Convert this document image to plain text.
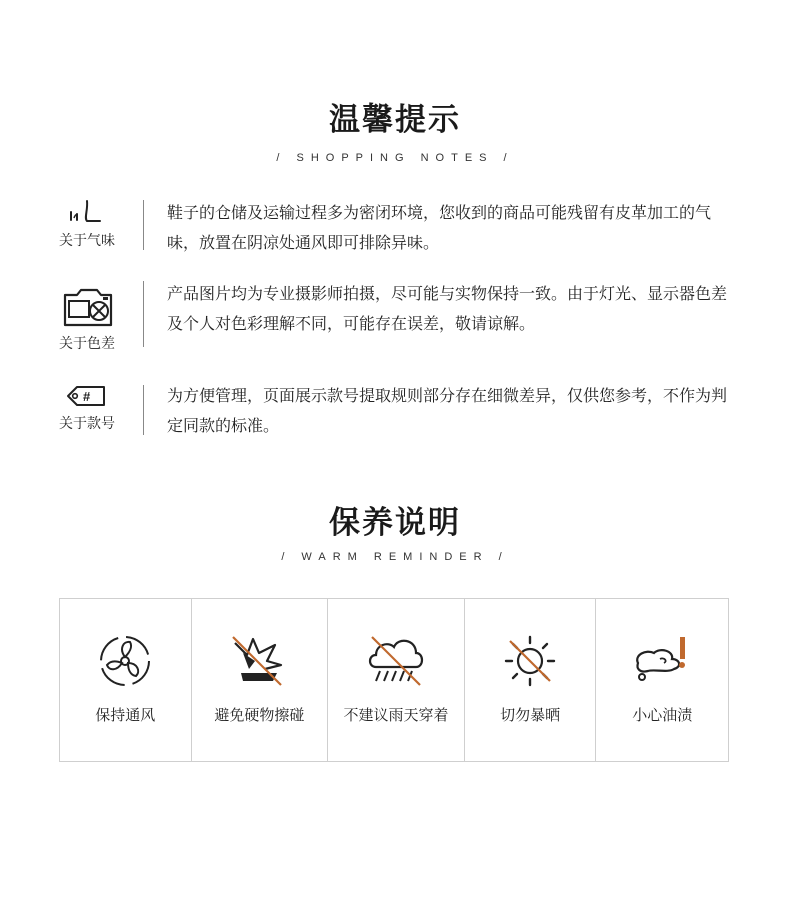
温馨提示
/ SHOPPING NOTES /
关于气味
鞋子的仓储及运输过程多为密闭环境，您收到的商品可能残留有皮革加工的气味，放置在阴凉处通风即可排除异味。
关于色差
产品图片均为专业摄影师拍摄，尽可能与实物保持一致。由于灯光、显示器色差及个人对色彩理解不同，可能存在误差，敬请谅解。
#
关于款号
为方便管理，页面展示款号提取规则部分存在细微差异，仅供您参考，不作为判定同款的标准。
保养说明
/ WARM REMINDER /
保持通风	避免硬物擦碰	不建议雨天穿着	切勿暴晒	小心油渍
